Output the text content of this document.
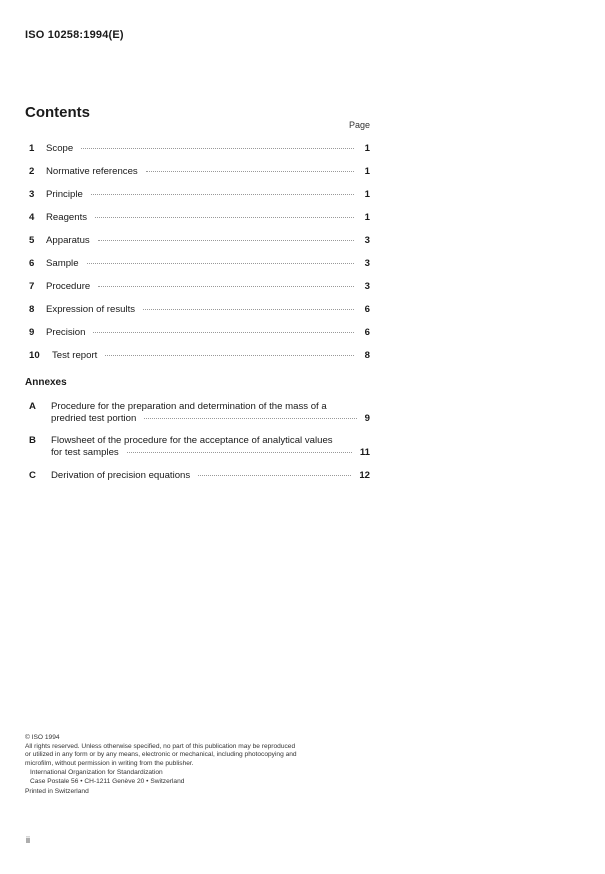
ISO 10258:1994(E)
Contents
Page
1	Scope	1
2	Normative references	1
3	Principle	1
4	Reagents	1
5	Apparatus	3
6	Sample	3
7	Procedure	3
8	Expression of results	6
9	Precision	6
10	Test report	8
Annexes
A Procedure for the preparation and determination of the mass of a
predried test portion	9
B Flowsheet of the procedure for the acceptance of analytical values
for test samples	11
C Derivation of precision equations	12

© ISO 1994

All rights reserved. Unless otherwise specified, no part of this publication may be reproduced

or utilized in any form or by any means, electronic or mechanical, including photocopying and

microfilm, without permission in writing from the publisher.

International Organization for Standardization

Case Postale 56 • CH-1211 Genève 20 • Switzerland

Printed in Switzerland

ii
